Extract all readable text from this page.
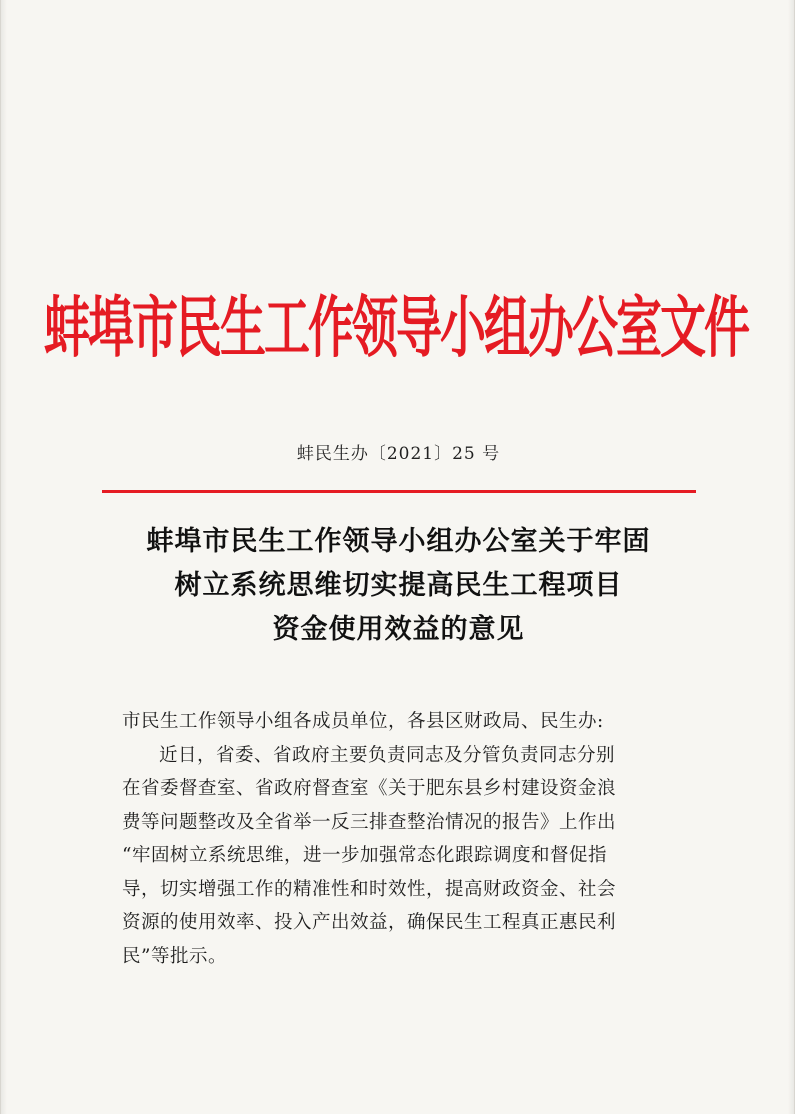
蚌埠市民生工作领导小组办公室文件
蚌民生办〔2021〕25 号
蚌埠市民生工作领导小组办公室关于牢固
树立系统思维切实提高民生工程项目
资金使用效益的意见
市民生工作领导小组各成员单位，各县区财政局、民生办:
近日，省委、省政府主要负责同志及分管负责同志分别
在省委督查室、省政府督查室《关于肥东县乡村建设资金浪
费等问题整改及全省举一反三排查整治情况的报告》上作出
“牢固树立系统思维，进一步加强常态化跟踪调度和督促指
导，切实增强工作的精准性和时效性，提高财政资金、社会
资源的使用效率、投入产出效益，确保民生工程真正惠民利
民”等批示。
